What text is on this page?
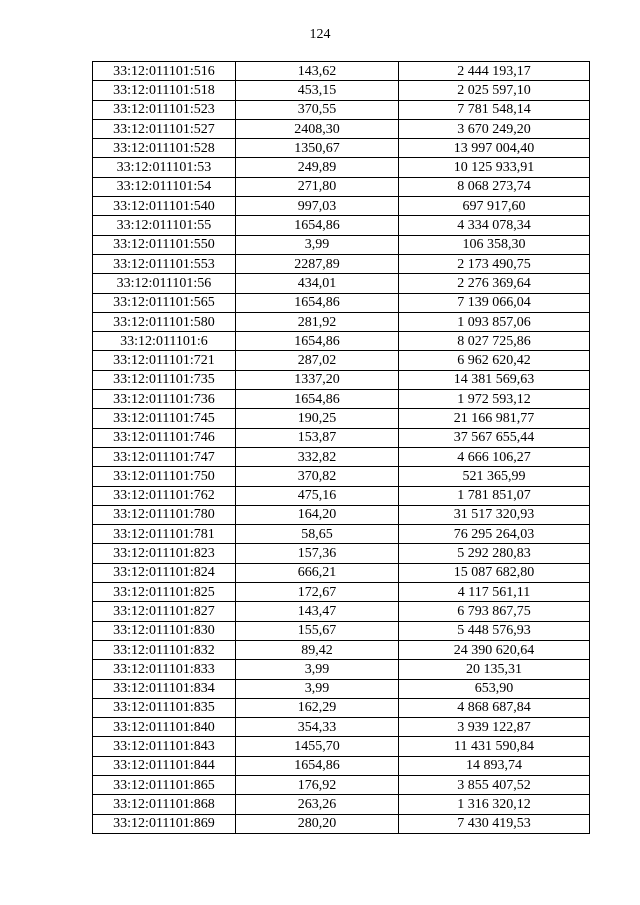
124
33:12:011101:516	143,62	2 444 193,17
33:12:011101:518	453,15	2 025 597,10
33:12:011101:523	370,55	7 781 548,14
33:12:011101:527	2408,30	3 670 249,20
33:12:011101:528	1350,67	13 997 004,40
33:12:011101:53	249,89	10 125 933,91
33:12:011101:54	271,80	8 068 273,74
33:12:011101:540	997,03	697 917,60
33:12:011101:55	1654,86	4 334 078,34
33:12:011101:550	3,99	106 358,30
33:12:011101:553	2287,89	2 173 490,75
33:12:011101:56	434,01	2 276 369,64
33:12:011101:565	1654,86	7 139 066,04
33:12:011101:580	281,92	1 093 857,06
33:12:011101:6	1654,86	8 027 725,86
33:12:011101:721	287,02	6 962 620,42
33:12:011101:735	1337,20	14 381 569,63
33:12:011101:736	1654,86	1 972 593,12
33:12:011101:745	190,25	21 166 981,77
33:12:011101:746	153,87	37 567 655,44
33:12:011101:747	332,82	4 666 106,27
33:12:011101:750	370,82	521 365,99
33:12:011101:762	475,16	1 781 851,07
33:12:011101:780	164,20	31 517 320,93
33:12:011101:781	58,65	76 295 264,03
33:12:011101:823	157,36	5 292 280,83
33:12:011101:824	666,21	15 087 682,80
33:12:011101:825	172,67	4 117 561,11
33:12:011101:827	143,47	6 793 867,75
33:12:011101:830	155,67	5 448 576,93
33:12:011101:832	89,42	24 390 620,64
33:12:011101:833	3,99	20 135,31
33:12:011101:834	3,99	653,90
33:12:011101:835	162,29	4 868 687,84
33:12:011101:840	354,33	3 939 122,87
33:12:011101:843	1455,70	11 431 590,84
33:12:011101:844	1654,86	14 893,74
33:12:011101:865	176,92	3 855 407,52
33:12:011101:868	263,26	1 316 320,12
33:12:011101:869	280,20	7 430 419,53
